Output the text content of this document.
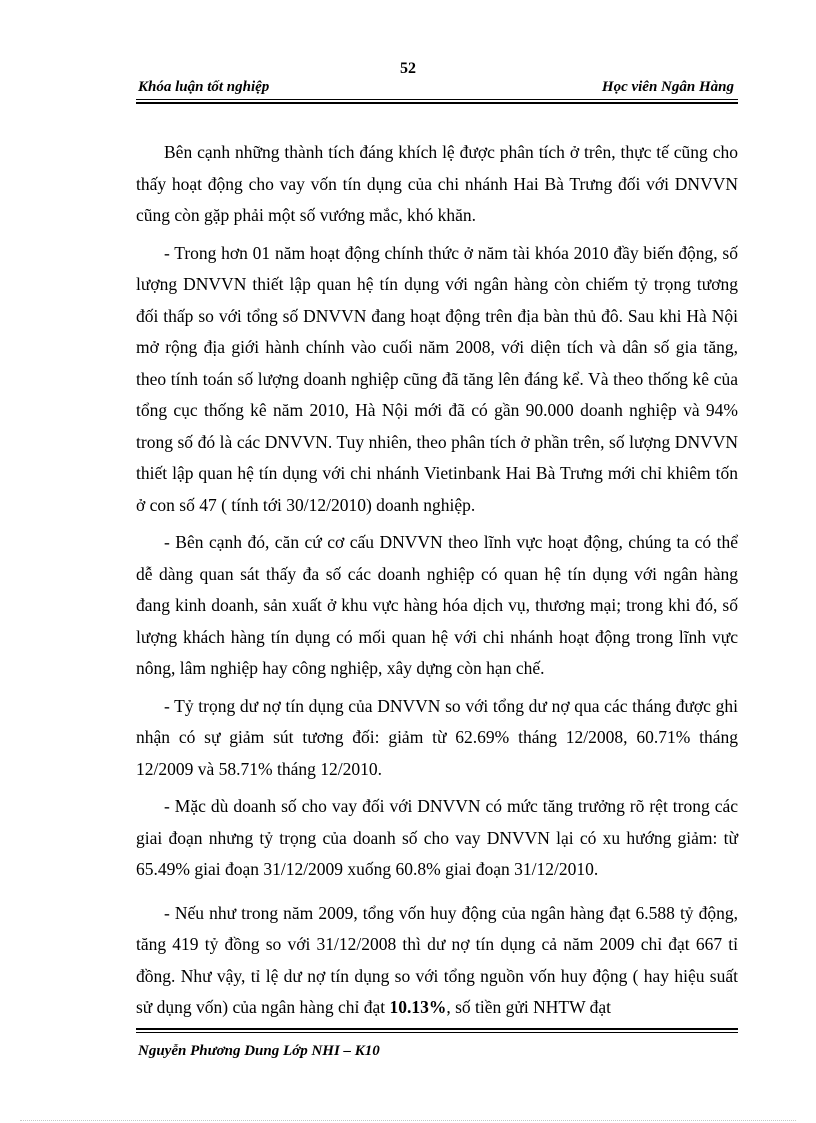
52
Khóa luận tốt nghiệp	Học viên Ngân Hàng

Bên cạnh những thành tích đáng khích lệ được phân tích ở trên, thực tế cũng cho thấy hoạt động cho vay vốn tín dụng của chi nhánh Hai Bà Trưng đối với DNVVN cũng còn gặp phải một số vướng mắc, khó khăn.

- Trong hơn 01 năm hoạt động chính thức ở năm tài khóa 2010 đầy biến động, số lượng DNVVN thiết lập quan hệ tín dụng với ngân hàng còn chiếm tỷ trọng tương đối thấp so với tổng số DNVVN đang hoạt động trên địa bàn thủ đô. Sau khi Hà Nội mở rộng địa giới hành chính vào cuối năm 2008, với diện tích và dân số gia tăng, theo tính toán số lượng doanh nghiệp cũng đã tăng lên đáng kể. Và theo thống kê của tổng cục thống kê năm 2010, Hà Nội mới đã có gần 90.000 doanh nghiệp và 94% trong số đó là các DNVVN. Tuy nhiên, theo phân tích ở phần trên, số lượng DNVVN thiết lập quan hệ tín dụng với chi nhánh Vietinbank Hai Bà Trưng mới chỉ khiêm tốn ở con số 47 ( tính tới 30/12/2010) doanh nghiệp.

- Bên cạnh đó, căn cứ cơ cấu DNVVN theo lĩnh vực hoạt động, chúng ta có thể dễ dàng quan sát thấy đa số các doanh nghiệp có quan hệ tín dụng với ngân hàng đang kinh doanh, sản xuất ở khu vực hàng hóa dịch vụ, thương mại; trong khi đó, số lượng khách hàng tín dụng có mối quan hệ với chi nhánh hoạt động trong lĩnh vực nông, lâm nghiệp hay công nghiệp, xây dựng còn hạn chế.

- Tỷ trọng dư nợ tín dụng của DNVVN so với tổng dư nợ qua các tháng được ghi nhận có sự giảm sút tương đối: giảm từ 62.69% tháng 12/2008, 60.71% tháng 12/2009 và 58.71% tháng 12/2010.

- Mặc dù doanh số cho vay đối với DNVVN có mức tăng trưởng rõ rệt trong các giai đoạn nhưng tỷ trọng của doanh số cho vay DNVVN lại có xu hướng giảm: từ 65.49% giai đoạn 31/12/2009 xuống 60.8% giai đoạn 31/12/2010.

- Nếu như trong năm 2009, tổng vốn huy động của ngân hàng đạt 6.588 tỷ động, tăng 419 tỷ đồng so với 31/12/2008 thì dư nợ tín dụng cả năm 2009 chỉ đạt 667 tỉ đồng. Như vậy, tỉ lệ dư nợ tín dụng so với tổng nguồn vốn huy động ( hay hiệu suất sử dụng vốn) của ngân hàng chỉ đạt 10.13%, số tiền gửi NHTW đạt

Nguyễn Phương Dung Lớp NHI – K10
